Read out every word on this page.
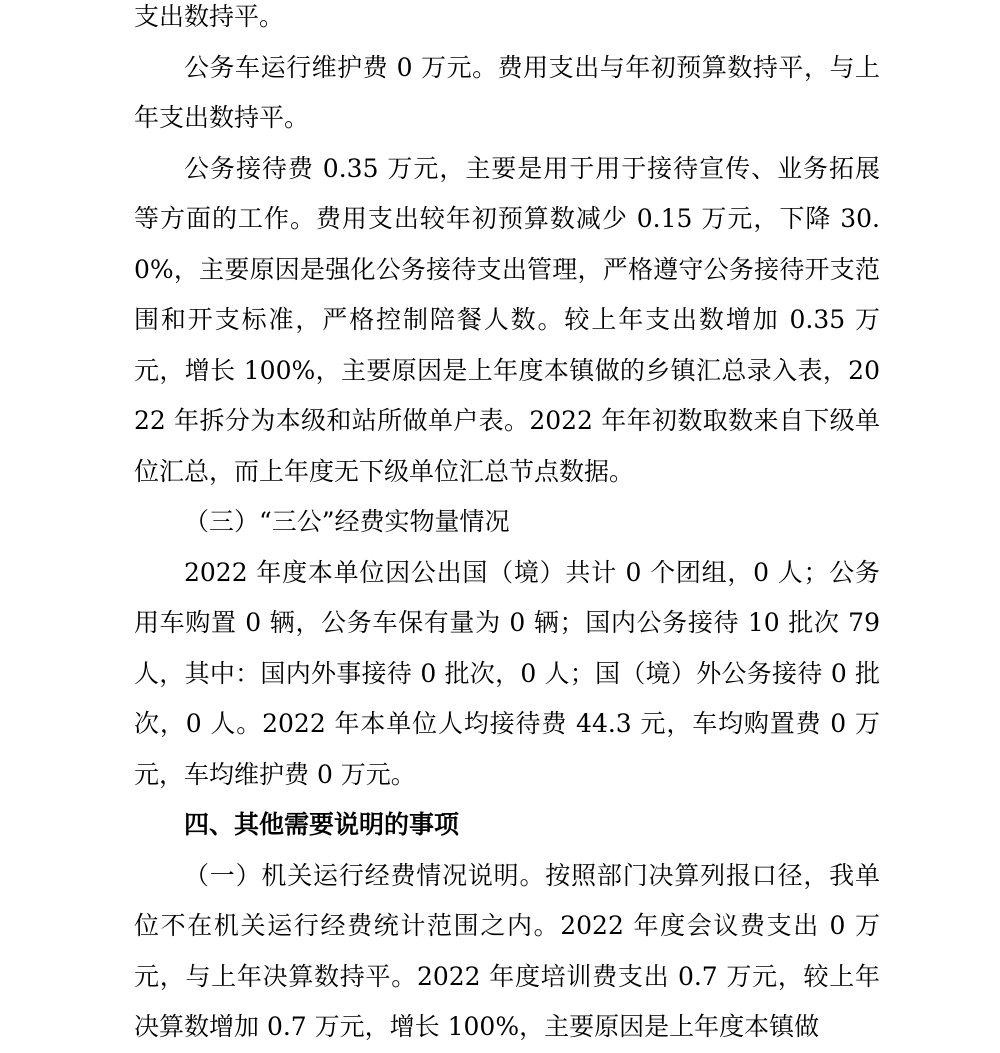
支出数持平。

公务车运行维护费 0 万元。费用支出与年初预算数持平，与上年支出数持平。

公务接待费 0.35 万元，主要是用于用于接待宣传、业务拓展等方面的工作。费用支出较年初预算数减少 0.15 万元，下降 30.0%，主要原因是强化公务接待支出管理，严格遵守公务接待开支范围和开支标准，严格控制陪餐人数。较上年支出数增加 0.35 万元，增长 100%，主要原因是上年度本镇做的乡镇汇总录入表，2022 年拆分为本级和站所做单户表。2022 年年初数取数来自下级单位汇总，而上年度无下级单位汇总节点数据。

（三）“三公”经费实物量情况

2022 年度本单位因公出国（境）共计 0 个团组，0 人；公务用车购置 0 辆，公务车保有量为 0 辆；国内公务接待 10 批次 79 人，其中：国内外事接待 0 批次，0 人；国（境）外公务接待 0 批次，0 人。2022 年本单位人均接待费 44.3 元，车均购置费 0 万元，车均维护费 0 万元。

四、其他需要说明的事项

（一）机关运行经费情况说明。按照部门决算列报口径，我单位不在机关运行经费统计范围之内。2022 年度会议费支出 0 万元，与上年决算数持平。2022 年度培训费支出 0.7 万元，较上年决算数增加 0.7 万元，增长 100%，主要原因是上年度本镇做
